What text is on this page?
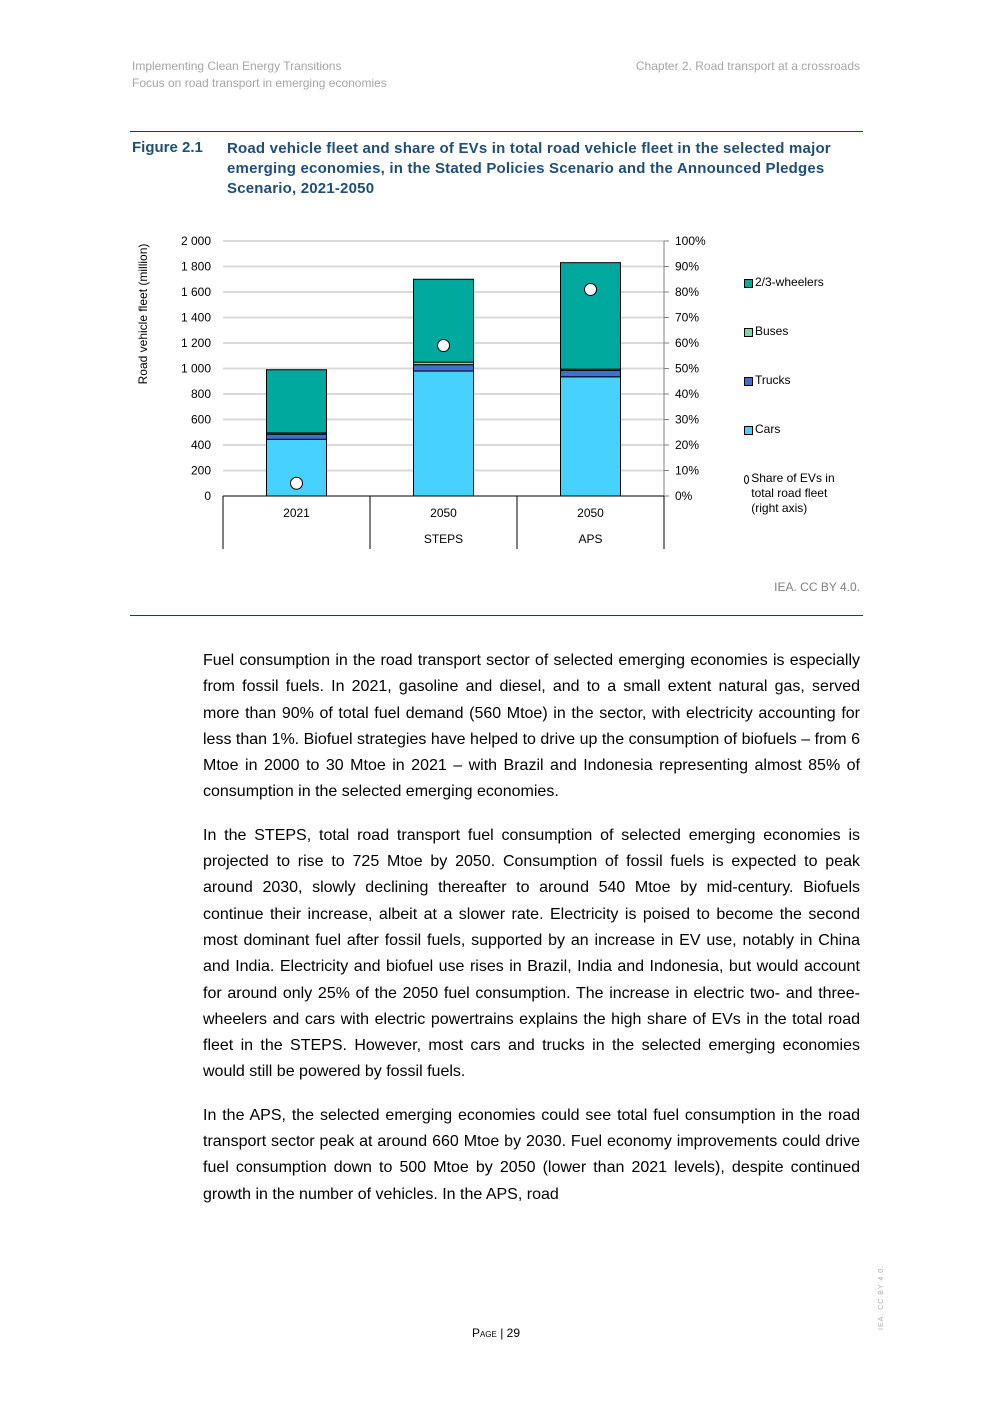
Implementing Clean Energy Transitions
Focus on road transport in emerging economies
Chapter 2. Road transport at a crossroads
Figure 2.1 Road vehicle fleet and share of EVs in total road vehicle fleet in the selected major emerging economies, in the Stated Policies Scenario and the Announced Pledges Scenario, 2021-2050
0
200
400
600
800
1 000
1 200
1 400
1 600
1 800
2 000
0%
10%
20%
30%
40%
50%
60%
70%
80%
90%
100%
Road vehicle fleet (million)
2021	2050
STEPS
2050
APS
2/3-wheelers
Buses
Trucks
Cars
Share of EVs in total road fleet (right axis)
IEA. CC BY 4.0.

Fuel consumption in the road transport sector of selected emerging economies is especially from fossil fuels. In 2021, gasoline and diesel, and to a small extent natural gas, served more than 90% of total fuel demand (560 Mtoe) in the sector, with electricity accounting for less than 1%. Biofuel strategies have helped to drive up the consumption of biofuels – from 6 Mtoe in 2000 to 30 Mtoe in 2021 – with Brazil and Indonesia representing almost 85% of consumption in the selected emerging economies.

In the STEPS, total road transport fuel consumption of selected emerging economies is projected to rise to 725 Mtoe by 2050. Consumption of fossil fuels is expected to peak around 2030, slowly declining thereafter to around 540 Mtoe by mid-century. Biofuels continue their increase, albeit at a slower rate. Electricity is poised to become the second most dominant fuel after fossil fuels, supported by an increase in EV use, notably in China and India. Electricity and biofuel use rises in Brazil, India and Indonesia, but would account for around only 25% of the 2050 fuel consumption. The increase in electric two- and three-wheelers and cars with electric powertrains explains the high share of EVs in the total road fleet in the STEPS. However, most cars and trucks in the selected emerging economies would still be powered by fossil fuels.

In the APS, the selected emerging economies could see total fuel consumption in the road transport sector peak at around 660 Mtoe by 2030. Fuel economy improvements could drive fuel consumption down to 500 Mtoe by 2050 (lower than 2021 levels), despite continued growth in the number of vehicles. In the APS, road

Page | 29
IEA. CC BY 4.0.
